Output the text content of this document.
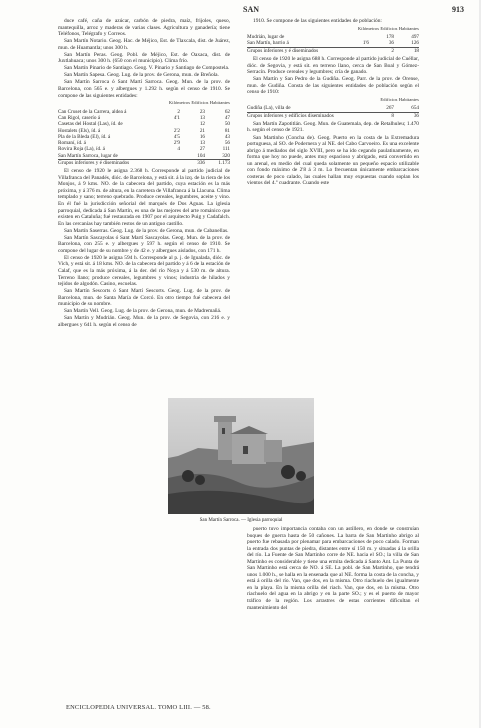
SAN	913

duce café, caña de azúcar, carbón de piedra, maíz, frijoles, queso, mantequilla, arroz y maderas de varias clases. Agricultura y ganadería; tiene Teléfonos, Telégrafo y Correos.

San Martín Notario. Geog. Hac. de Méjico, Est. de Tlaxcala, dist. de Juárez, mun. de Huamantla; unos 300 h.

San Martín Peras. Geog. Pobl. de Méjico, Est. de Oaxaca, dist. de Juxtlahuaca; unos 300 h. (650 con el municipio). Clima frío.

San Martín Pinario de Santiago. Geog. V. Pinario y Santiago de Compostela.

San Martín Sapesa. Geog. Lug. de la prov. de Gerona, mun. de Breñola.

San Martín Sarroca ó Sant Martí Sarroca. Geog. Mun. de la prov. de Barcelona, con 565 e. y albergues y 1.292 h. según el censo de 1910. Se compone de las siguientes entidades:

Kilómetros Edificios Habitantes
Can Cruset de la Carrera, aldea á	2	23	62
Can Rigol, caserío á	4'1	13	47
Casetas del Hostal (Las), íd. de		12	50
Hostalets (Els), íd. á	2'2	21	81
Pla de la Bleda (El), íd. á	4'5	16	43
Romaní, íd. á	2'9	13	56
Rovira Roja (La), íd. á	4	27	111
San Martín Sarroca, lugar de		104	320
Grupos inferiores y é diseminados		336	1.173

El censo de 1920 le asigna 2.368 h. Corresponde al partido judicial de Villafranca del Panadés, dióc. de Barcelona, y está sit. á la izq. de la riera de los Monjos, á 9 kms. NO. de la cabecera del partido, cuya estación es la más próxima, y á 376 m. de altura, en la carretera de Villafranca á la Llacuna. Clima templado y sano; terreno quebrado. Produce cereales, legumbres, aceite y vino. En él fué la jurisdicción señorial del marqués de Dos Aguas. La iglesia parroquial, dedicada á San Martín, es una de las mejores del arte románico que existen en Cataluña; fué restaurada en 1907 por el arquitecto Puig y Cadafalch. En las cercanías hay también restos de un antiguo castillo.

San Martín Saserras. Geog. Lug. de la prov. de Gerona, mun. de Cabanellas.

San Martín Sascayolas ó Sant Martí Sascayolas. Geog. Mun. de la prov. de Barcelona, con 255 e. y albergues y 597 h. según el censo de 1910. Se compone del lugar de su nombre y de 42 e. y albergues aislados, con 171 h.

El censo de 1920 le asigna 594 h. Corresponde al p. j. de Igualada, dióc. de Vich, y está sit. á 18 kms. NO. de la cabecera del partido y á 6 de la estación de Calaf, que es la más próxima, á la der. del río Noya y á 530 m. de altura. Terreno llano; produce cereales, legumbres y vinos; industria de hilados y tejidos de algodón. Casino, escuelas.

San Martín Sescorts ó Sant Martí Sescorts. Geog. Lug. de la prov. de Barcelona, mun. de Santa María de Corcó. En otro tiempo fué cabecera del municipio de su nombre.

San Martín Vell. Geog. Lug. de la prov. de Gerona, mun. de Madremañá.

San Martín y Mudrián. Geog. Mun. de la prov. de Segovia, con 216 e. y albergues y 641 h. según el censo de

1910. Se compone de las siguientes entidades de población:

Kilómetros Edificios Habitantes
Mudrián, lugar de		178	497
San Martín, barrio á	1'6	36	126
Grupos inferiores y é diseminados		2	18

El censo de 1920 le asigna 688 h. Corresponde al partido judicial de Cuéllar, dióc. de Segovia, y está sit. en terreno llano, cerca de San Boal y Gómez-Serracín. Produce cereales y legumbres; cría de ganado.

San Martín y San Pedro de la Gudiña. Geog. Parr. de la prov. de Orense, mun. de Gudiña. Consta de las siguientes entidades de población según el censo de 1910:

Edificios Habitantes
Gudiña (La), villa de	267	654
Grupos inferiores y edificios diseminados	8	36

San Martín Zapotitlán. Geog. Mun. de Guatemala, dep. de Retalhuleu; 1.470 h. según el censo de 1921.

San Martinho (Concha de). Geog. Puerto en la costa de la Extremadura portuguesa, al SO. de Podernera y al NE. del Cabo Carvoeiro. Es una excelente abrigo á mediados del siglo XVIII, pero se ha ido cegando paulatinamente, en forma que hoy no puede, antes muy espacioso y abrigado, está convertido en un arenal, en medio del cual queda solamente un pequeño espacio utilizable con fondo máximo de 2'8 á 3 m. Lo frecuentan únicamente embarcaciones costeras de poco calado, las cuales hallan muy expuestas cuando soplan los vientos del 4.º cuadrante. Cuando este

San Martín Sarroca. — Iglesia parroquial

puerto tuvo importancia contaba con un astillero, en donde se construían buques de guerra hasta de 50 cañones. La barra de San Martinho abrigo al puerto fue rebasada por plenamar para embarcaciones de poco calado. Forman la entrada dos puntas de piedra, distantes entre sí 150 m. y situadas á la orilla del río. La Fuente de San Martinho corre de NE. hacia el SO.; la villa de San Martinho es considerable y tiene una ermita dedicada á Santo Ant. La Punta de San Martinho está cerca de NO. á SE. La pobl. de San Martinho, que tendrá unos 1.000 h., se halla en la ensenada que al NE. forma la costa de la concha, y está á orilla del río. Van, que dos, en la misma. Otro riachuelo des igualmente en la playa. En la misma orilla del riach. Van, que dos, en la misma. Otro riachuelo del agua en la abrigo y en la parte SO.; y es el puerto de mayor tráfico de la región. Los arrastres de estas corrientes dificultan el mantenimiento del

ENCICLOPEDIA UNIVERSAL. TOMO LIII. — 58.
